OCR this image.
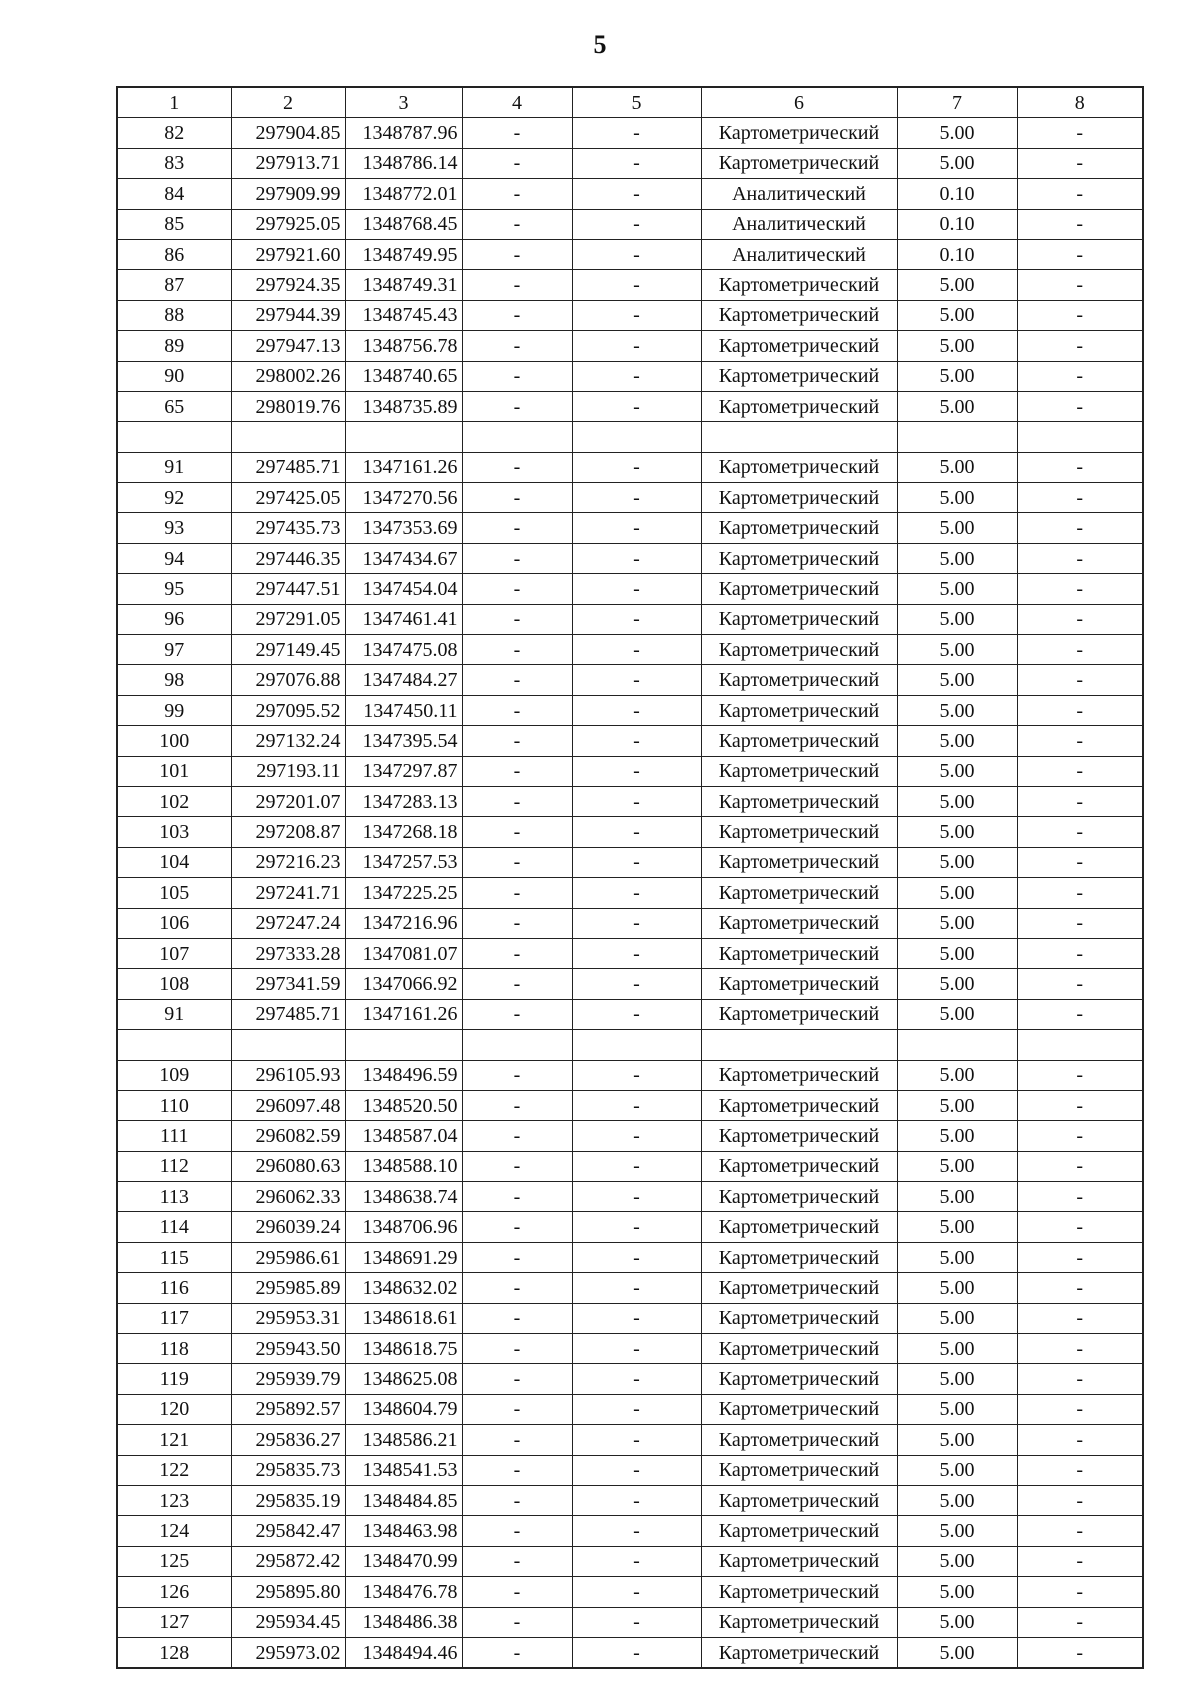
5
1	2	3	4	5	6	7	8
82	297904.85	1348787.96	-	-	Картометрический	5.00	-
83	297913.71	1348786.14	-	-	Картометрический	5.00	-
84	297909.99	1348772.01	-	-	Аналитический	0.10	-
85	297925.05	1348768.45	-	-	Аналитический	0.10	-
86	297921.60	1348749.95	-	-	Аналитический	0.10	-
87	297924.35	1348749.31	-	-	Картометрический	5.00	-
88	297944.39	1348745.43	-	-	Картометрический	5.00	-
89	297947.13	1348756.78	-	-	Картометрический	5.00	-
90	298002.26	1348740.65	-	-	Картометрический	5.00	-
65	298019.76	1348735.89	-	-	Картометрический	5.00	-

91	297485.71	1347161.26	-	-	Картометрический	5.00	-
92	297425.05	1347270.56	-	-	Картометрический	5.00	-
93	297435.73	1347353.69	-	-	Картометрический	5.00	-
94	297446.35	1347434.67	-	-	Картометрический	5.00	-
95	297447.51	1347454.04	-	-	Картометрический	5.00	-
96	297291.05	1347461.41	-	-	Картометрический	5.00	-
97	297149.45	1347475.08	-	-	Картометрический	5.00	-
98	297076.88	1347484.27	-	-	Картометрический	5.00	-
99	297095.52	1347450.11	-	-	Картометрический	5.00	-
100	297132.24	1347395.54	-	-	Картометрический	5.00	-
101	297193.11	1347297.87	-	-	Картометрический	5.00	-
102	297201.07	1347283.13	-	-	Картометрический	5.00	-
103	297208.87	1347268.18	-	-	Картометрический	5.00	-
104	297216.23	1347257.53	-	-	Картометрический	5.00	-
105	297241.71	1347225.25	-	-	Картометрический	5.00	-
106	297247.24	1347216.96	-	-	Картометрический	5.00	-
107	297333.28	1347081.07	-	-	Картометрический	5.00	-
108	297341.59	1347066.92	-	-	Картометрический	5.00	-
91	297485.71	1347161.26	-	-	Картометрический	5.00	-

109	296105.93	1348496.59	-	-	Картометрический	5.00	-
110	296097.48	1348520.50	-	-	Картометрический	5.00	-
111	296082.59	1348587.04	-	-	Картометрический	5.00	-
112	296080.63	1348588.10	-	-	Картометрический	5.00	-
113	296062.33	1348638.74	-	-	Картометрический	5.00	-
114	296039.24	1348706.96	-	-	Картометрический	5.00	-
115	295986.61	1348691.29	-	-	Картометрический	5.00	-
116	295985.89	1348632.02	-	-	Картометрический	5.00	-
117	295953.31	1348618.61	-	-	Картометрический	5.00	-
118	295943.50	1348618.75	-	-	Картометрический	5.00	-
119	295939.79	1348625.08	-	-	Картометрический	5.00	-
120	295892.57	1348604.79	-	-	Картометрический	5.00	-
121	295836.27	1348586.21	-	-	Картометрический	5.00	-
122	295835.73	1348541.53	-	-	Картометрический	5.00	-
123	295835.19	1348484.85	-	-	Картометрический	5.00	-
124	295842.47	1348463.98	-	-	Картометрический	5.00	-
125	295872.42	1348470.99	-	-	Картометрический	5.00	-
126	295895.80	1348476.78	-	-	Картометрический	5.00	-
127	295934.45	1348486.38	-	-	Картометрический	5.00	-
128	295973.02	1348494.46	-	-	Картометрический	5.00	-
